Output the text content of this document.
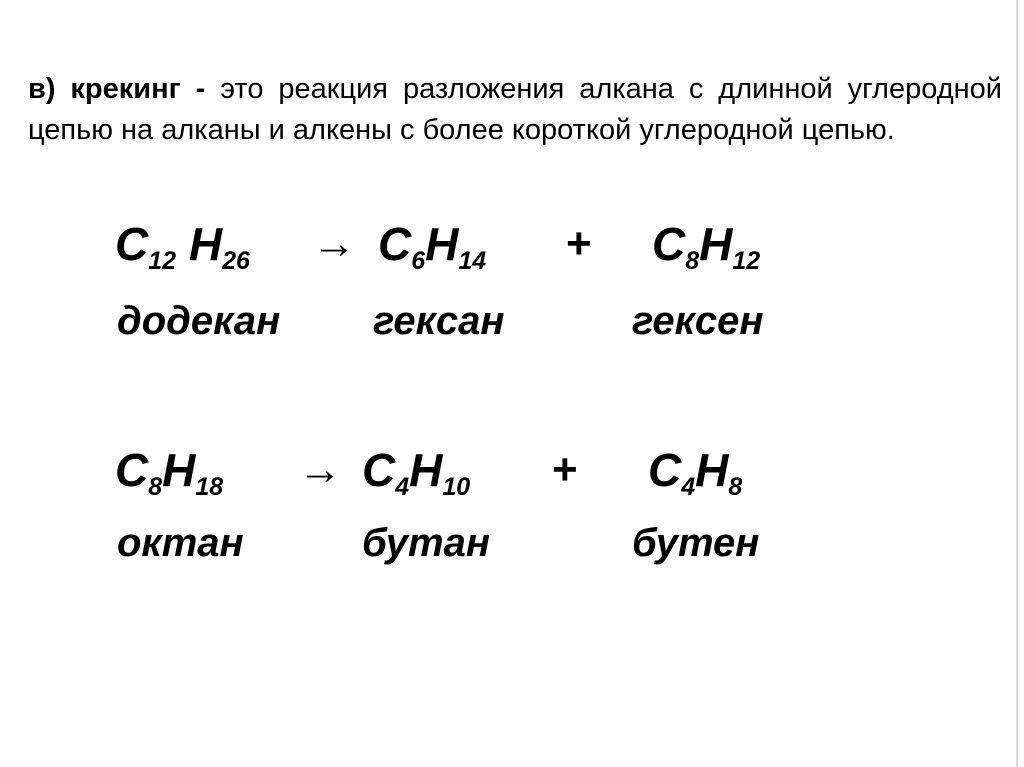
в) крекинг - это реакция разложения алкана с длинной углеродной цепью на алканы и алкены с более короткой углеродной цепью.

$C_{12}$ $H_{26} \to C_6H_{14} + C_8H_{12}$
додекан гексан	гексен
$C_8H_{18} \to C_4H_{10} + C_4H_8$
октан	бутан	бутен
